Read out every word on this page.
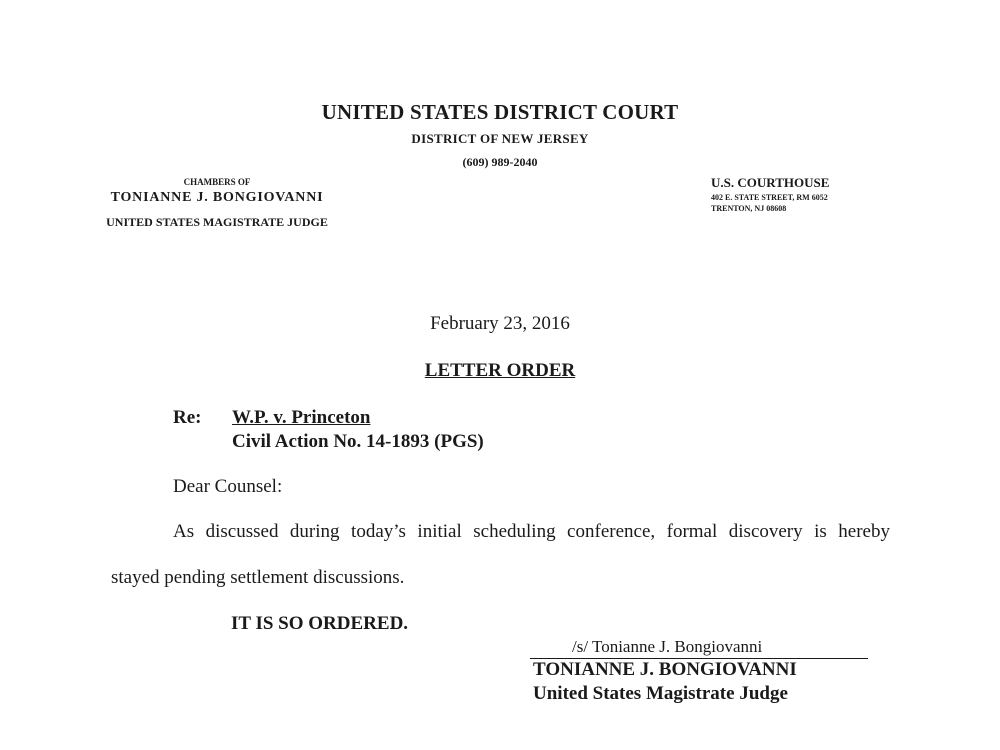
UNITED STATES DISTRICT COURT
DISTRICT OF NEW JERSEY
(609) 989-2040
CHAMBERS OF
TONIANNE J. BONGIOVANNI
UNITED STATES MAGISTRATE JUDGE
U.S. COURTHOUSE
402 E. STATE STREET, RM 6052
TRENTON, NJ 08608
February 23, 2016
LETTER ORDER
Re: W.P. v. Princeton
Civil Action No. 14-1893 (PGS)
Dear Counsel:
As discussed during today’s initial scheduling conference, formal discovery is hereby
stayed pending settlement discussions.
IT IS SO ORDERED.
/s/ Tonianne J. Bongiovanni
TONIANNE J. BONGIOVANNI
United States Magistrate Judge
